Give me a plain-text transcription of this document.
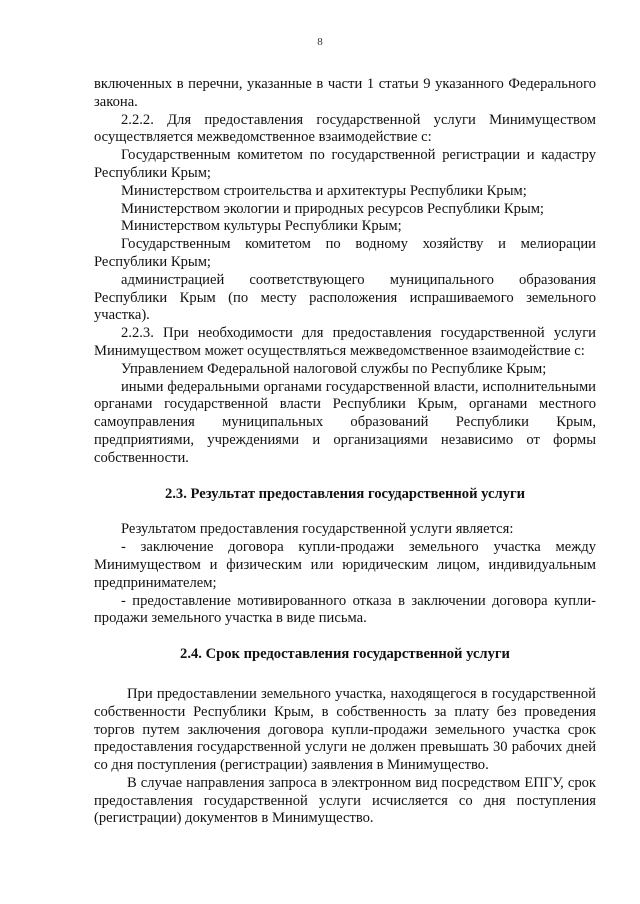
8

включенных в перечни, указанные в части 1 статьи 9 указанного Федерального закона.

2.2.2. Для предоставления государственной услуги Минимуществом осуществляется межведомственное взаимодействие с:

Государственным комитетом по государственной регистрации и кадастру Республики Крым;

Министерством строительства и архитектуры Республики Крым;

Министерством экологии и природных ресурсов Республики Крым;

Министерством культуры Республики Крым;

Государственным комитетом по водному хозяйству и мелиорации Республики Крым;

администрацией соответствующего муниципального образования Республики Крым (по месту расположения испрашиваемого земельного участка).

2.2.3. При необходимости для предоставления государственной услуги Минимуществом может осуществляться межведомственное взаимодействие с:

Управлением Федеральной налоговой службы по Республике Крым;

иными федеральными органами государственной власти, исполнительными органами государственной власти Республики Крым, органами местного самоуправления муниципальных образований Республики Крым, предприятиями, учреждениями и организациями независимо от формы собственности.

2.3. Результат предоставления государственной услуги

Результатом предоставления государственной услуги является:

- заключение договора купли-продажи земельного участка между Минимуществом и физическим или юридическим лицом, индивидуальным предпринимателем;

- предоставление мотивированного отказа в заключении договора купли-продажи земельного участка в виде письма.

2.4. Срок предоставления государственной услуги

При предоставлении земельного участка, находящегося в государственной собственности Республики Крым, в собственность за плату без проведения торгов путем заключения договора купли-продажи земельного участка срок предоставления государственной услуги не должен превышать 30 рабочих дней со дня поступления (регистрации) заявления в Минимущество.

В случае направления запроса в электронном вид посредством ЕПГУ, срок предоставления государственной услуги исчисляется со дня поступления (регистрации) документов в Минимущество.
